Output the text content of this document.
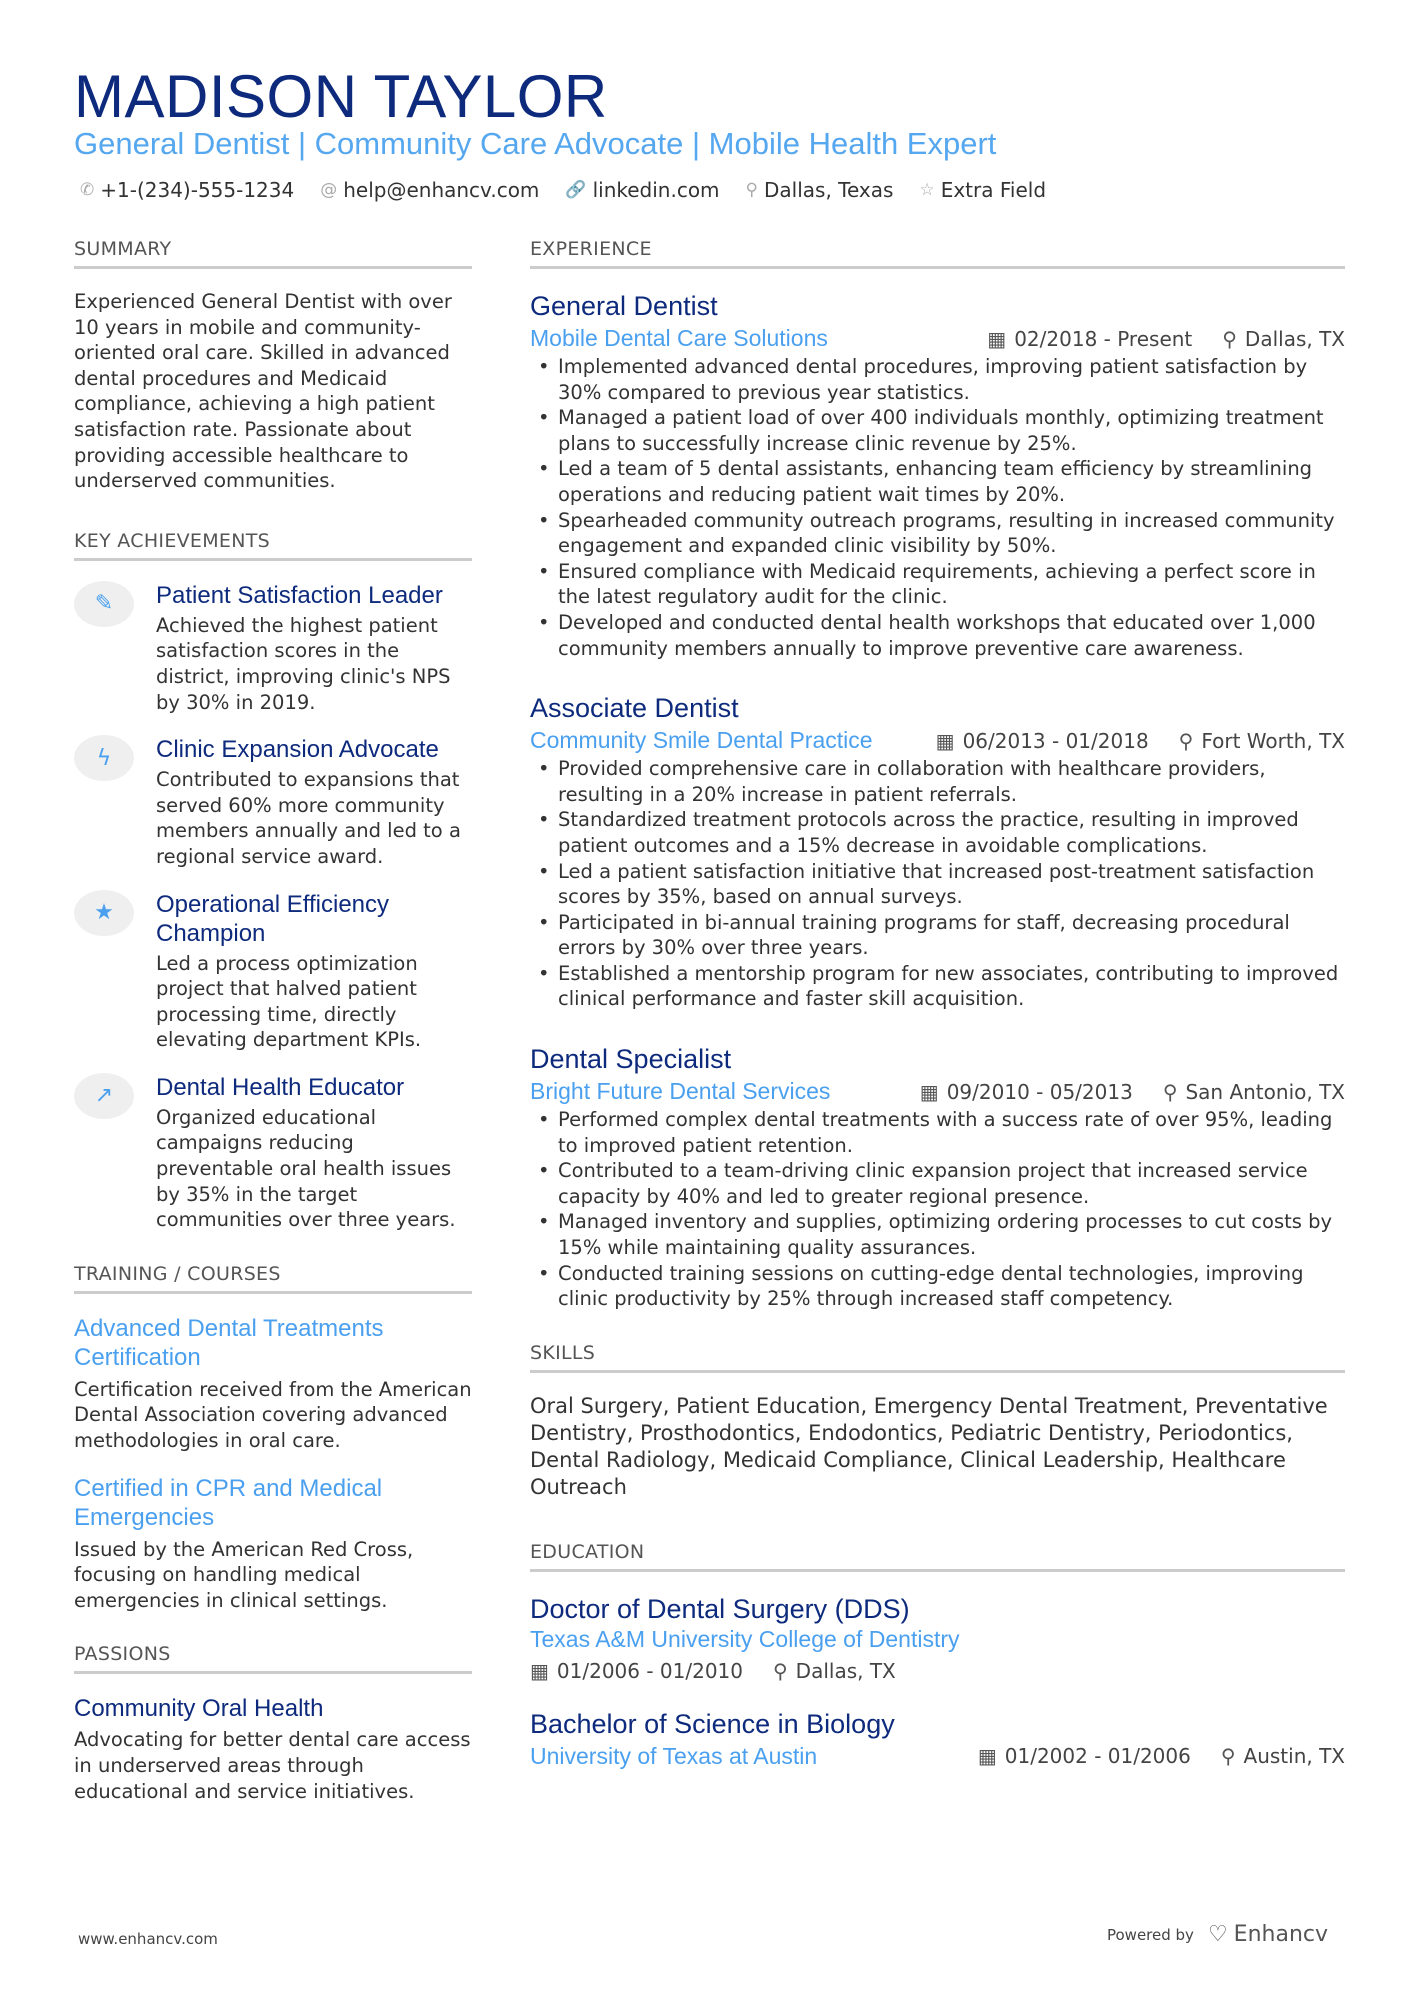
MADISON TAYLOR
General Dentist | Community Care Advocate | Mobile Health Expert
✆ +1-(234)-555-1234 @ help@enhancv.com 🔗 linkedin.com ⚲ Dallas, Texas ☆ Extra Field
SUMMARY
Experienced General Dentist with over 10 years in mobile and community-oriented oral care. Skilled in advanced dental procedures and Medicaid compliance, achieving a high patient satisfaction rate. Passionate about providing accessible healthcare to underserved communities.
KEY ACHIEVEMENTS
✎	Patient Satisfaction Leader
Achieved the highest patient satisfaction scores in the district, improving clinic's NPS by 30% in 2019.
ϟ	Clinic Expansion Advocate
Contributed to expansions that served 60% more community members annually and led to a regional service award.
★	Operational Efficiency Champion
Led a process optimization project that halved patient processing time, directly elevating department KPIs.
↗	Dental Health Educator
Organized educational campaigns reducing preventable oral health issues by 35% in the target communities over three years.
TRAINING / COURSES
Advanced Dental Treatments Certification
Certification received from the American Dental Association covering advanced methodologies in oral care.
Certified in CPR and Medical Emergencies
Issued by the American Red Cross, focusing on handling medical emergencies in clinical settings.
PASSIONS
Community Oral Health
Advocating for better dental care access in underserved areas through educational and service initiatives.
EXPERIENCE
General Dentist
Mobile Dental Care Solutions	▦ 02/2018 - Present ⚲ Dallas, TX
• Implemented advanced dental procedures, improving patient satisfaction by 30% compared to previous year statistics.
• Managed a patient load of over 400 individuals monthly, optimizing treatment plans to successfully increase clinic revenue by 25%.
• Led a team of 5 dental assistants, enhancing team efficiency by streamlining operations and reducing patient wait times by 20%.
• Spearheaded community outreach programs, resulting in increased community engagement and expanded clinic visibility by 50%.
• Ensured compliance with Medicaid requirements, achieving a perfect score in the latest regulatory audit for the clinic.
• Developed and conducted dental health workshops that educated over 1,000 community members annually to improve preventive care awareness.
Associate Dentist
Community Smile Dental Practice	▦ 06/2013 - 01/2018 ⚲ Fort Worth, TX
• Provided comprehensive care in collaboration with healthcare providers, resulting in a 20% increase in patient referrals.
• Standardized treatment protocols across the practice, resulting in improved patient outcomes and a 15% decrease in avoidable complications.
• Led a patient satisfaction initiative that increased post-treatment satisfaction scores by 35%, based on annual surveys.
• Participated in bi-annual training programs for staff, decreasing procedural errors by 30% over three years.
• Established a mentorship program for new associates, contributing to improved clinical performance and faster skill acquisition.
Dental Specialist
Bright Future Dental Services	▦ 09/2010 - 05/2013 ⚲ San Antonio, TX
• Performed complex dental treatments with a success rate of over 95%, leading to improved patient retention.
• Contributed to a team-driving clinic expansion project that increased service capacity by 40% and led to greater regional presence.
• Managed inventory and supplies, optimizing ordering processes to cut costs by 15% while maintaining quality assurances.
• Conducted training sessions on cutting-edge dental technologies, improving clinic productivity by 25% through increased staff competency.
SKILLS
Oral Surgery, Patient Education, Emergency Dental Treatment, Preventative Dentistry, Prosthodontics, Endodontics, Pediatric Dentistry, Periodontics, Dental Radiology, Medicaid Compliance, Clinical Leadership, Healthcare Outreach
EDUCATION
Doctor of Dental Surgery (DDS)
Texas A&M University College of Dentistry
▦ 01/2006 - 01/2010 ⚲ Dallas, TX
Bachelor of Science in Biology
University of Texas at Austin	▦ 01/2002 - 01/2006 ⚲ Austin, TX
www.enhancv.com	Powered by ♡ Enhancv
